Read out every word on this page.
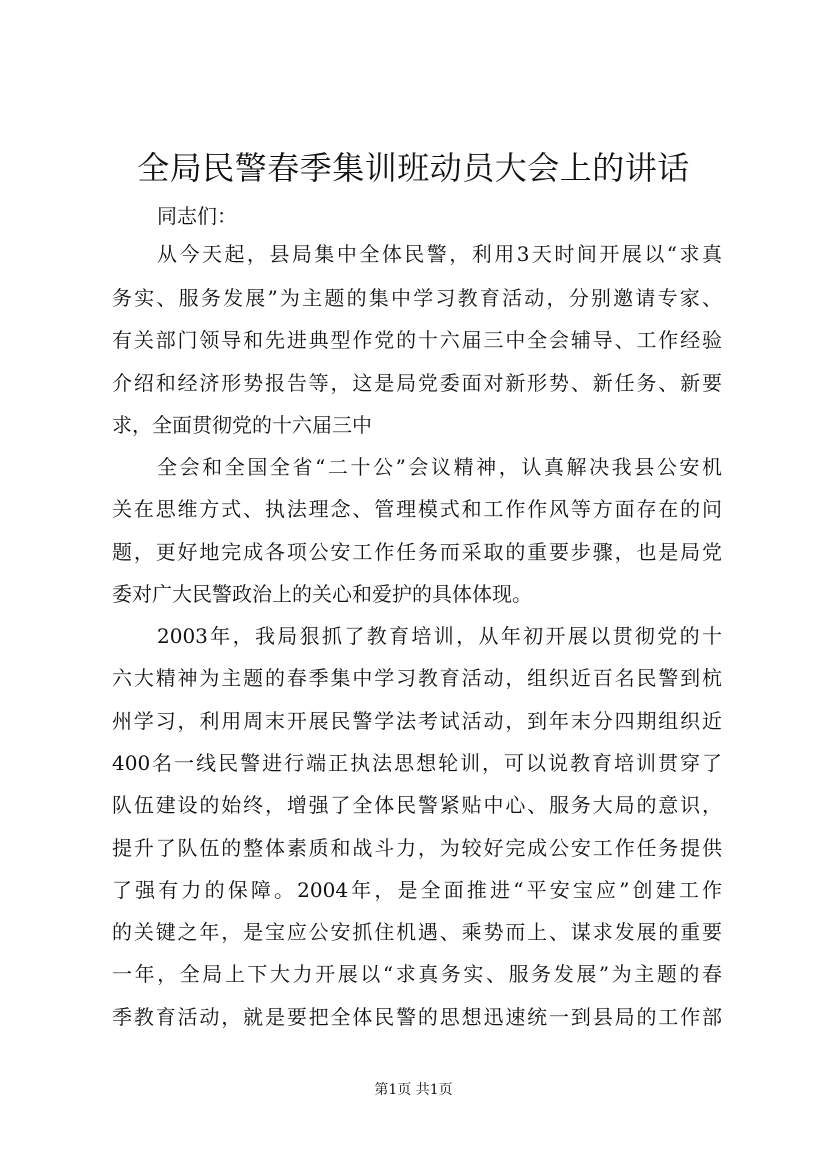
全局民警春季集训班动员大会上的讲话
同志们：
从今天起，县局集中全体民警，利用3天时间开展以“求真
务实、服务发展”为主题的集中学习教育活动，分别邀请专家、
有关部门领导和先进典型作党的十六届三中全会辅导、工作经验
介绍和经济形势报告等，这是局党委面对新形势、新任务、新要
求，全面贯彻党的十六届三中
全会和全国全省“二十公”会议精神，认真解决我县公安机
关在思维方式、执法理念、管理模式和工作作风等方面存在的问
题，更好地完成各项公安工作任务而采取的重要步骤，也是局党
委对广大民警政治上的关心和爱护的具体体现。
2003年，我局狠抓了教育培训，从年初开展以贯彻党的十
六大精神为主题的春季集中学习教育活动，组织近百名民警到杭
州学习，利用周末开展民警学法考试活动，到年末分四期组织近
400名一线民警进行端正执法思想轮训，可以说教育培训贯穿了
队伍建设的始终，增强了全体民警紧贴中心、服务大局的意识，
提升了队伍的整体素质和战斗力，为较好完成公安工作任务提供
了强有力的保障。2004年，是全面推进“平安宝应”创建工作
的关键之年，是宝应公安抓住机遇、乘势而上、谋求发展的重要
一年，全局上下大力开展以“求真务实、服务发展”为主题的春
季教育活动，就是要把全体民警的思想迅速统一到县局的工作部
第1页 共1页
